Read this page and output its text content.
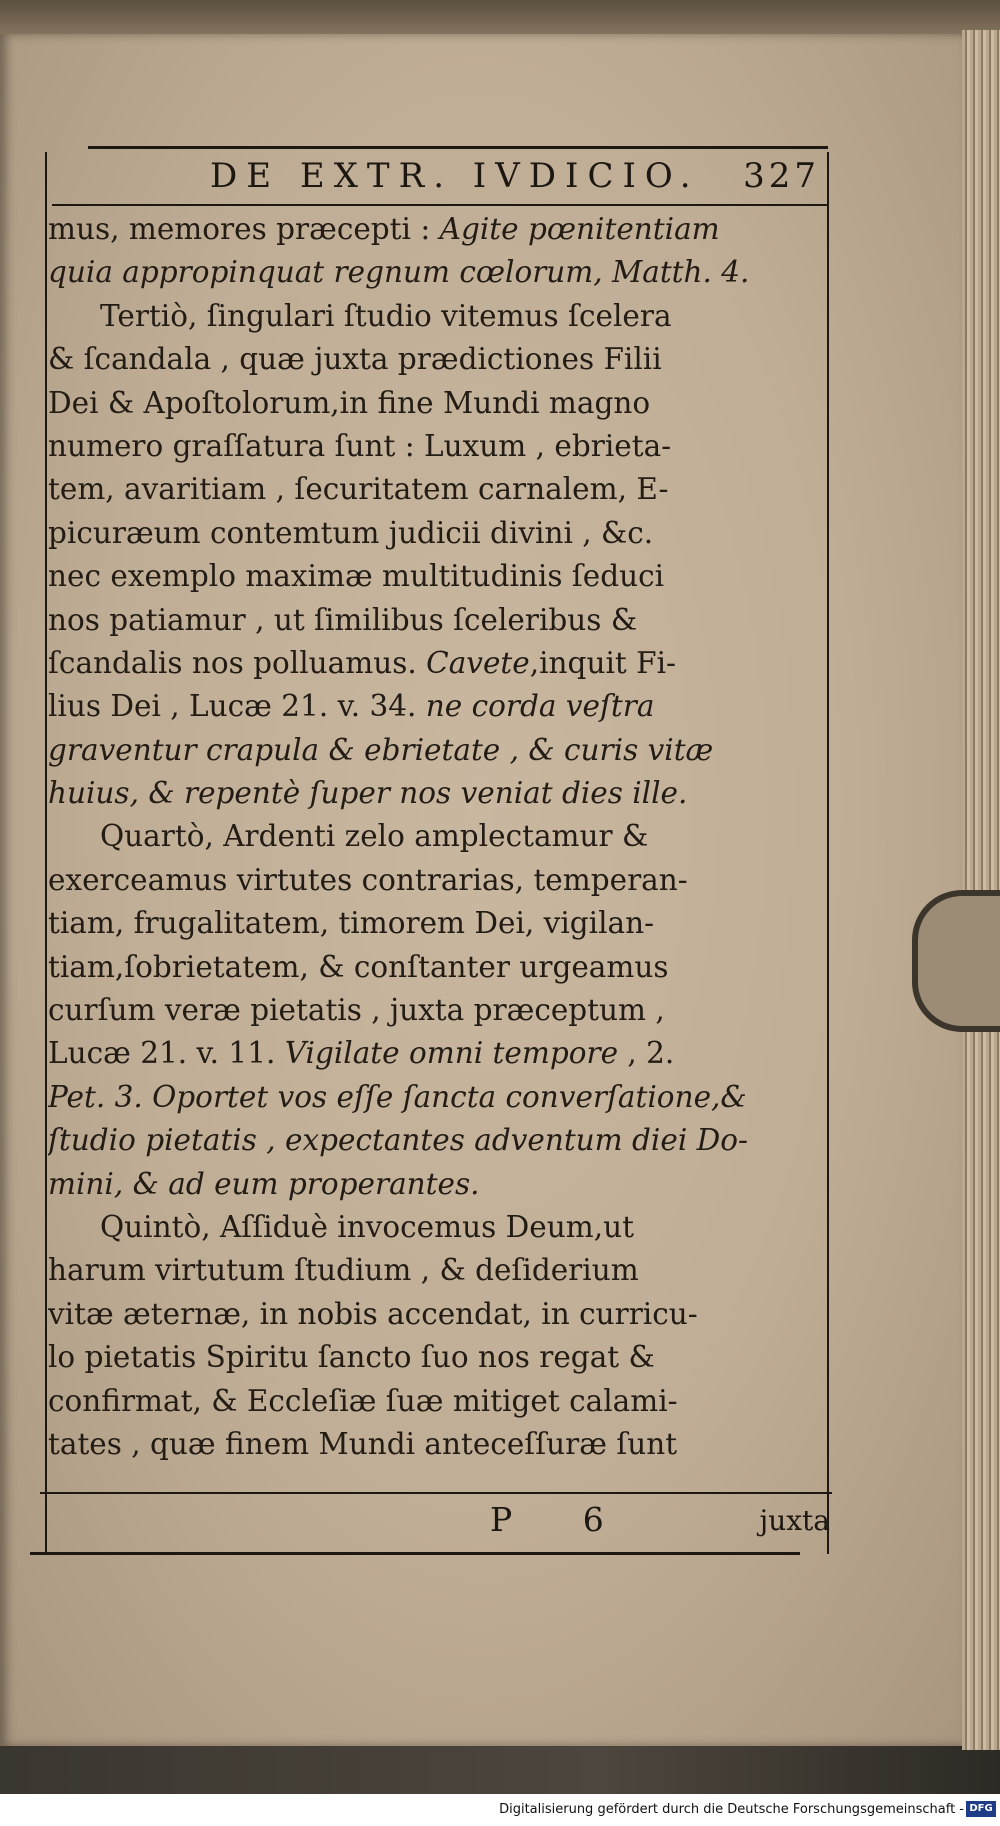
DE EXTR. IVDICIO. 327
mus, memores præcepti : Agite pœnitentiam
quia appropinquat regnum cœlorum, Matth. 4.
Tertiò, ſingulari ſtudio vitemus ſcelera
& ſcandala , quæ juxta prædictiones Filii
Dei & Apoſtolorum,in fine Mundi magno
numero graſſatura ſunt : Luxum , ebrieta-
tem, avaritiam , ſecuritatem carnalem, E-
picuræum contemtum judicii divini , &c.
nec exemplo maximæ multitudinis ſeduci
nos patiamur , ut ſimilibus ſceleribus &
ſcandalis nos polluamus. Cavete,inquit Fi-
lius Dei , Lucæ 21. v. 34. ne corda veſtra
graventur crapula & ebrietate , & curis vitæ
huius, & repentè ſuper nos veniat dies ille.
Quartò, Ardenti zelo amplectamur &
exerceamus virtutes contrarias, temperan-
tiam, frugalitatem, timorem Dei, vigilan-
tiam,ſobrietatem, & conſtanter urgeamus
curſum veræ pietatis , juxta præceptum ,
Lucæ 21. v. 11. Vigilate omni tempore , 2.
Pet. 3. Oportet vos eſſe ſancta converſatione,&
ſtudio pietatis , expectantes adventum diei Do-
mini, & ad eum properantes.
Quintò, Aſſiduè invocemus Deum,ut
harum virtutum ſtudium , & deſiderium
vitæ æternæ, in nobis accendat, in curricu-
lo pietatis Spiritu ſancto ſuo nos regat &
confirmat, & Eccleſiæ ſuæ mitiget calami-
tates , quæ finem Mundi anteceſſuræ ſunt
P 6	juxta
Digitalisierung gefördert durch die Deutsche Forschungsgemeinschaft - DFG
